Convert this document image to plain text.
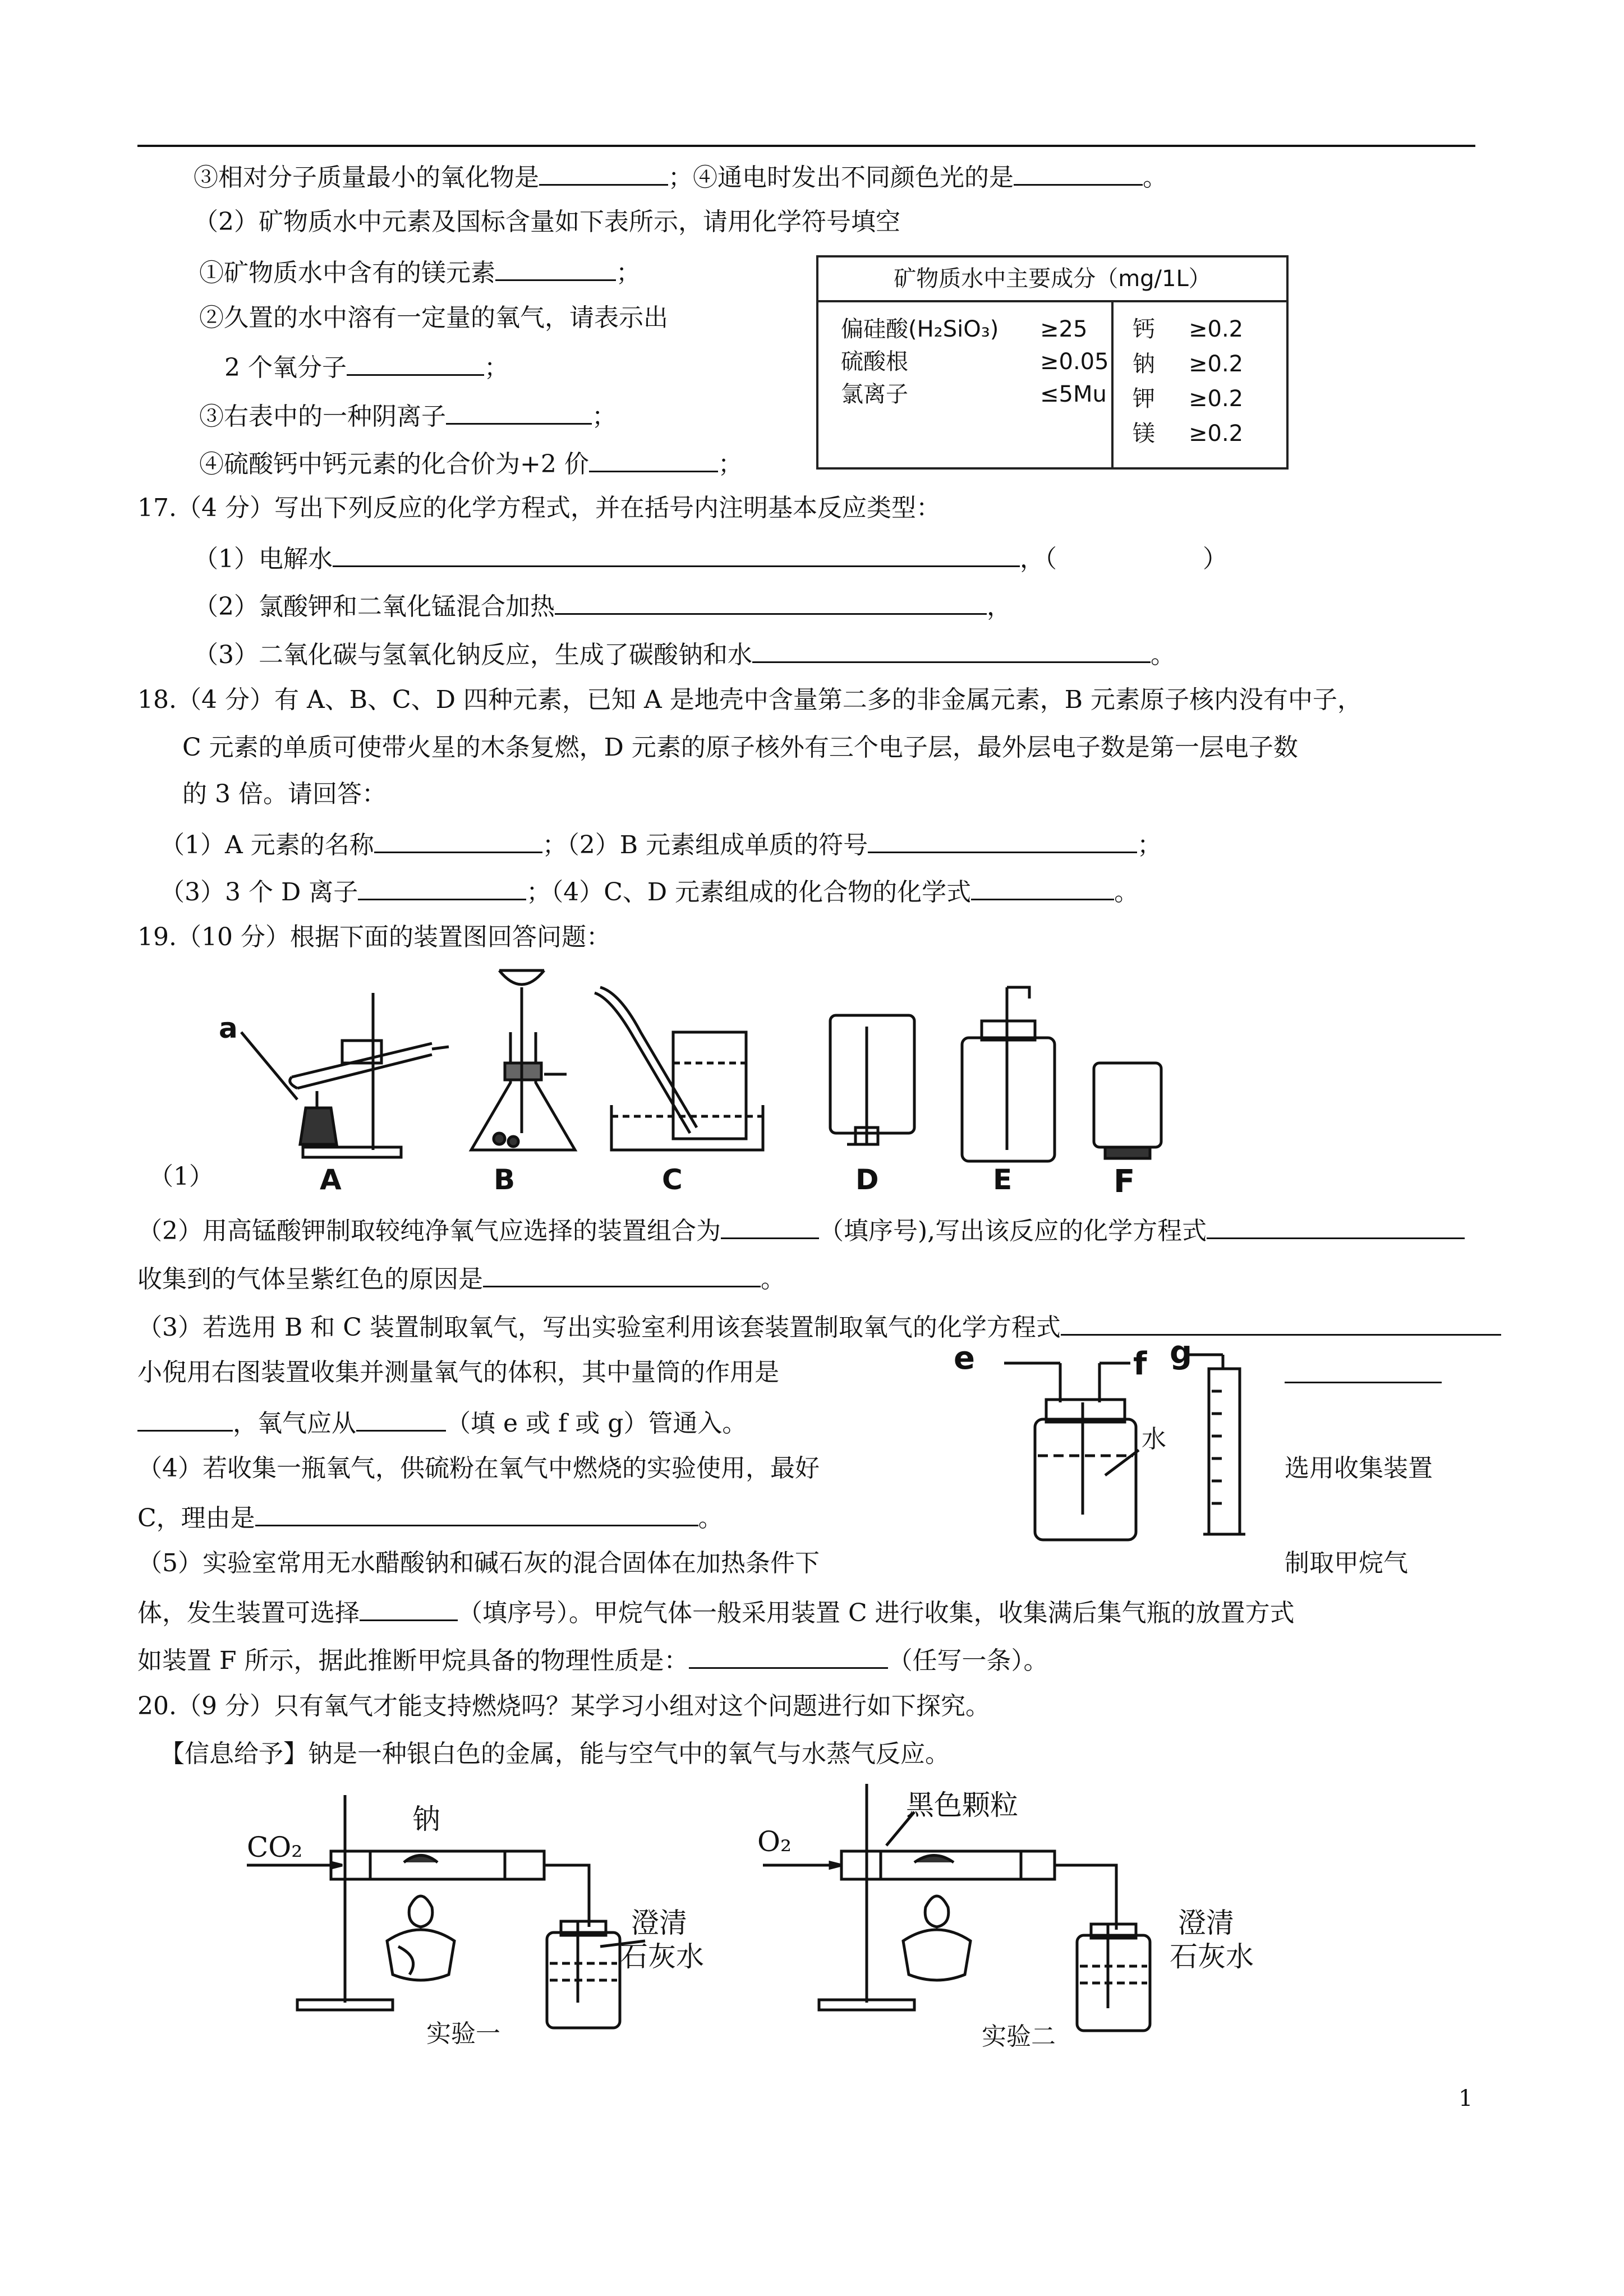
③相对分子质量最小的氧化物是	；④通电时发出不同颜色光的是	。
（2）矿物质水中元素及国标含量如下表所示，请用化学符号填空
①矿物质水中含有的镁元素	；
②久置的水中溶有一定量的氧气，请表示出
2 个氧分子	；
③右表中的一种阴离子	；
④硫酸钙中钙元素的化合价为+2 价	；
矿物质水中主要成分（mg/1L）
偏硅酸(H₂SiO₃) ≥25
硫酸根	≥0.05
氯离子	≤5Mu
钙 ≥0.2
钠 ≥0.2
钾 ≥0.2
镁 ≥0.2
17.（4 分）写出下列反应的化学方程式，并在括号内注明基本反应类型：
（1）电解水	，（	）
（2）氯酸钾和二氧化锰混合加热	，
（3）二氧化碳与氢氧化钠反应，生成了碳酸钠和水	。
18.（4 分）有 A、B、C、D 四种元素，已知 A 是地壳中含量第二多的非金属元素，B 元素原子核内没有中子，
C 元素的单质可使带火星的木条复燃，D 元素的原子核外有三个电子层，最外层电子数是第一层电子数
的 3 倍。请回答：
（1）A 元素的名称	；（2）B 元素组成单质的符号	；
（3）3 个 D 离子	；（4）C、D 元素组成的化合物的化学式	。
19.（10 分）根据下面的装置图回答问题：
a
A	B	C	D	E	F
（1）
（2）用高锰酸钾制取较纯净氧气应选择的装置组合为	（填序号),写出该反应的化学方程式
收集到的气体呈紫红色的原因是	。
（3）若选用 B 和 C 装置制取氧气，写出实验室利用该套装置制取氧气的化学方程式
小倪用右图装置收集并测量氧气的体积，其中量筒的作用是
，氧气应从	（填 e 或 f 或 g）管通入。
e	f g
水
（4）若收集一瓶氧气，供硫粉在氧气中燃烧的实验使用，最好	选用收集装置
C，理由是	。
（5）实验室常用无水醋酸钠和碱石灰的混合固体在加热条件下	制取甲烷气
体，发生装置可选择	（填序号）。甲烷气体一般采用装置 C 进行收集，收集满后集气瓶的放置方式
如装置 F 所示，据此推断甲烷具备的物理性质是：	（任写一条）。
20.（9 分）只有氧气才能支持燃烧吗？某学习小组对这个问题进行如下探究。
【信息给予】钠是一种银白色的金属，能与空气中的氧气与水蒸气反应。
CO₂
钠
澄清
石灰水
实验一
O₂
黑色颗粒
澄清
石灰水
实验二
1
